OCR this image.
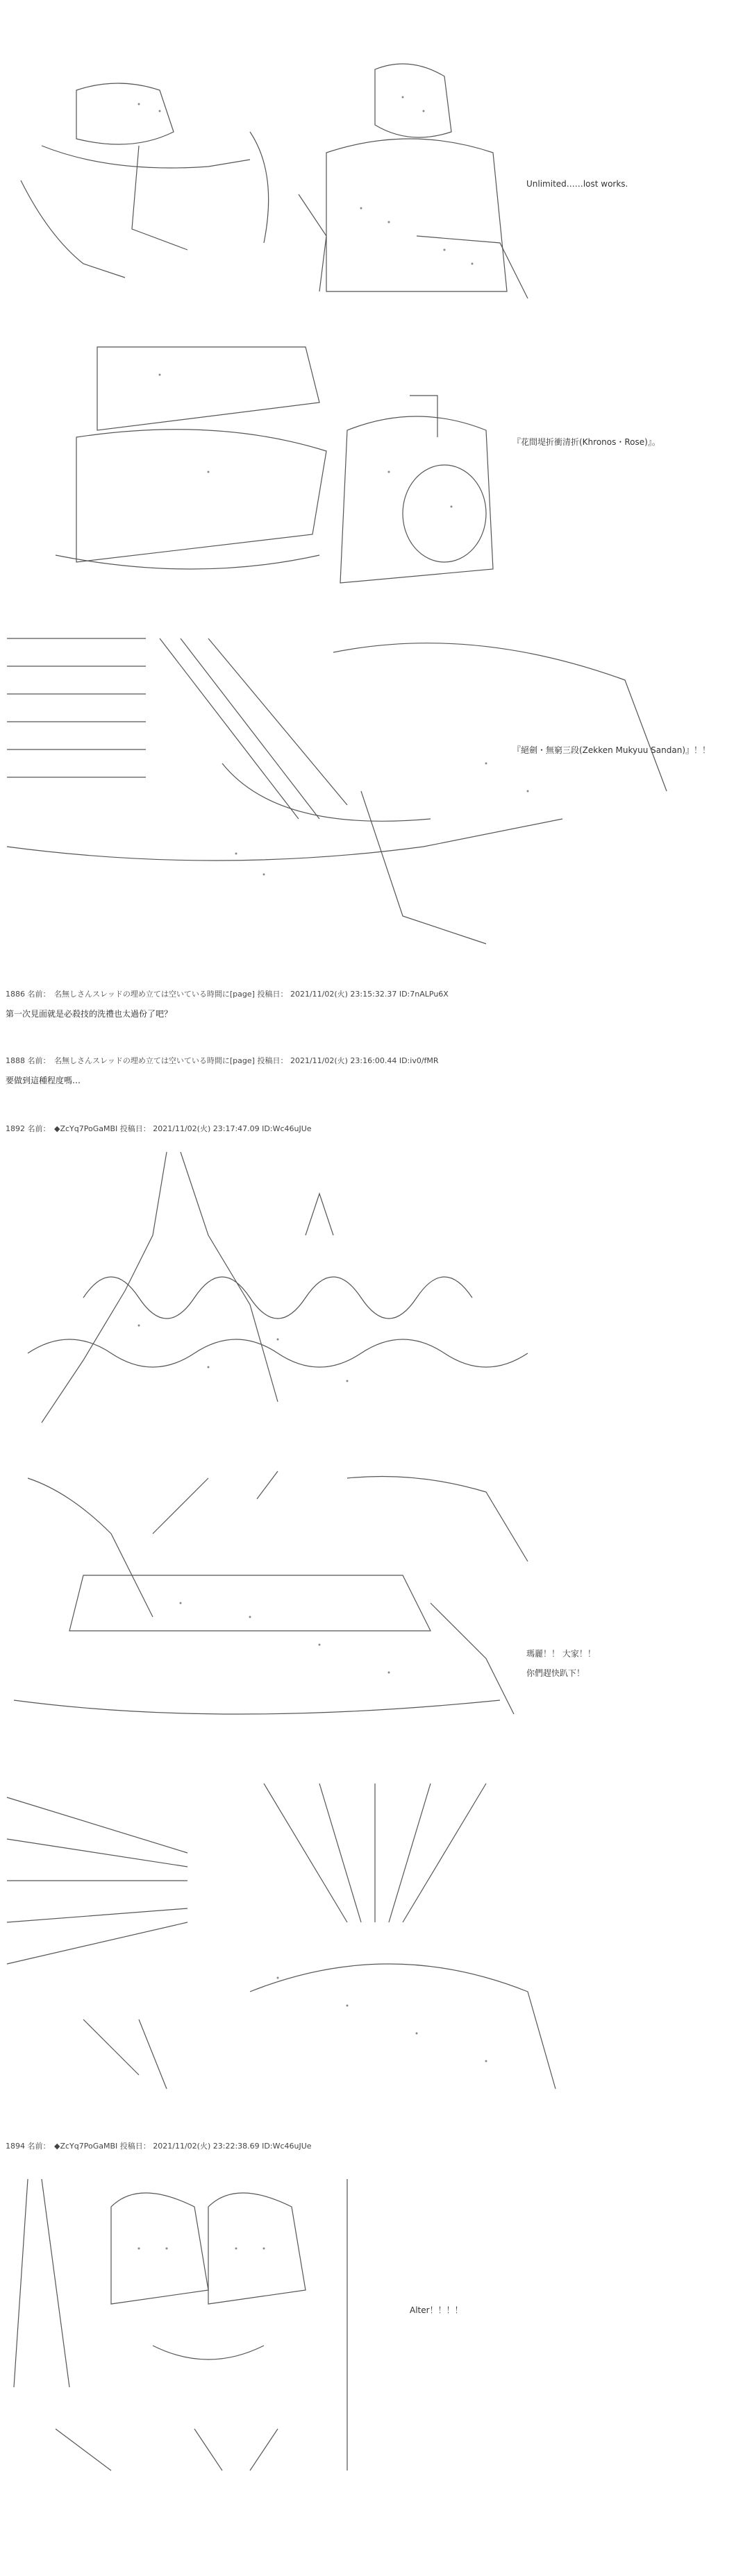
Unlimited‥‥‥lost works.
『花間堤折衝清折(Khronos・Rose)』。
『絕劍・無窮三段(Zekken Mukyuu Sandan)』！！
1886 名前： 名無しさんスレッドの埋め立ては空いている時間に[page] 投稿日： 2021/11/02(火) 23:15:32.37 ID:7nALPu6X
第一次見面就是必殺技的洗禮也太過份了吧？
1888 名前： 名無しさんスレッドの埋め立ては空いている時間に[page] 投稿日： 2021/11/02(火) 23:16:00.44 ID:iv0/fMR
要做到這種程度嗎…
1892 名前： ◆ZcYq7PoGaMBI 投稿日： 2021/11/02(火) 23:17:47.09 ID:Wc46uJUe
瑪麗！！ 大家！！
你們趕快趴下！
1894 名前： ◆ZcYq7PoGaMBI 投稿日： 2021/11/02(火) 23:22:38.69 ID:Wc46uJUe
Alter！！！！
